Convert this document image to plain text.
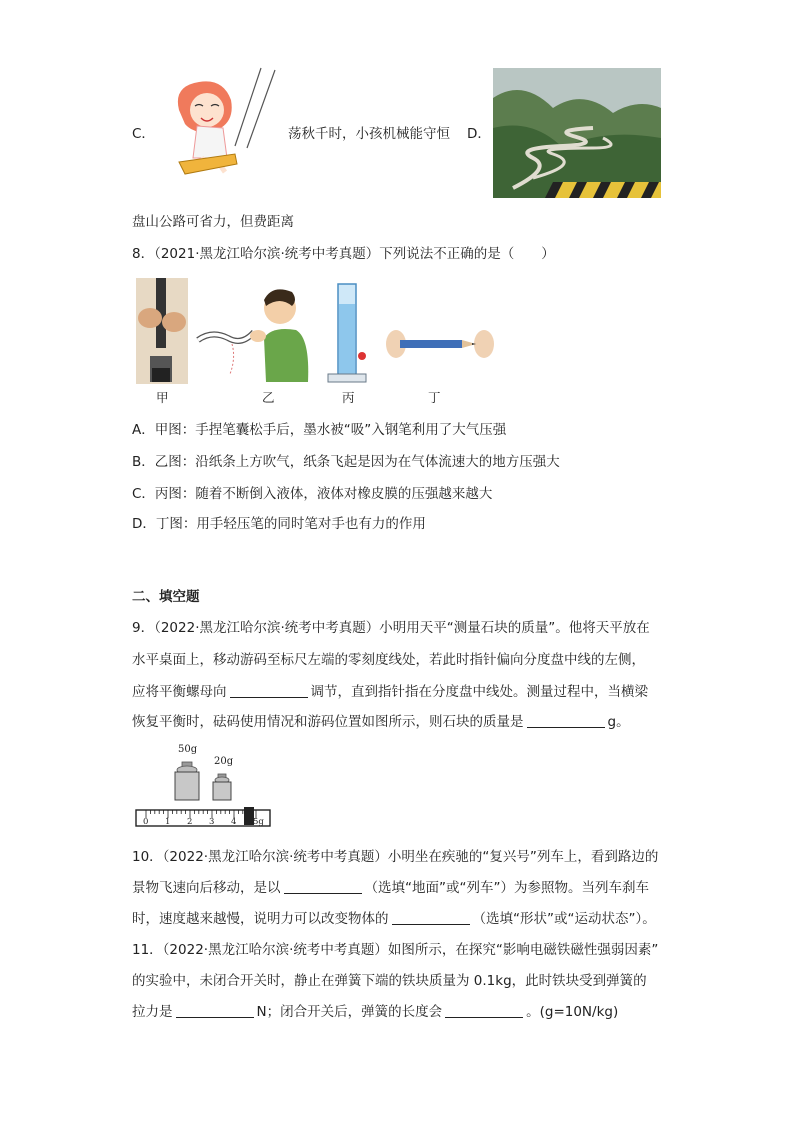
C．	荡秋千时，小孩机械能守恒 D．
盘山公路可省力，但费距离
8．（2021·黑龙江哈尔滨·统考中考真题）下列说法不正确的是（　　）
甲	乙	丙	丁
A．甲图：手捏笔囊松手后，墨水被“吸”入钢笔利用了大气压强
B．乙图：沿纸条上方吹气，纸条飞起是因为在气体流速大的地方压强大
C．丙图：随着不断倒入液体，液体对橡皮膜的压强越来越大
D．丁图：用手轻压笔的同时笔对手也有力的作用
二、填空题
9．（2022·黑龙江哈尔滨·统考中考真题）小明用天平“测量石块的质量”。他将天平放在
水平桌面上，移动游码至标尺左端的零刻度线处，若此时指针偏向分度盘中线的左侧，
应将平衡螺母向	调节，直到指针指在分度盘中线处。测量过程中，当横梁
恢复平衡时，砝码使用情况和游码位置如图所示，则石块的质量是	g。
50g
20g
0 1 2 3 4 5g
10．（2022·黑龙江哈尔滨·统考中考真题）小明坐在疾驰的“复兴号”列车上，看到路边的
景物飞速向后移动，是以	（选填“地面”或“列车”）为参照物。当列车刹车
时，速度越来越慢，说明力可以改变物体的	（选填“形状”或“运动状态”）。
11．（2022·黑龙江哈尔滨·统考中考真题）如图所示，在探究“影响电磁铁磁性强弱因素”
的实验中，未闭合开关时，静止在弹簧下端的铁块质量为 0.1kg，此时铁块受到弹簧的
拉力是	N；闭合开关后，弹簧的长度会	。(g=10N/kg)
